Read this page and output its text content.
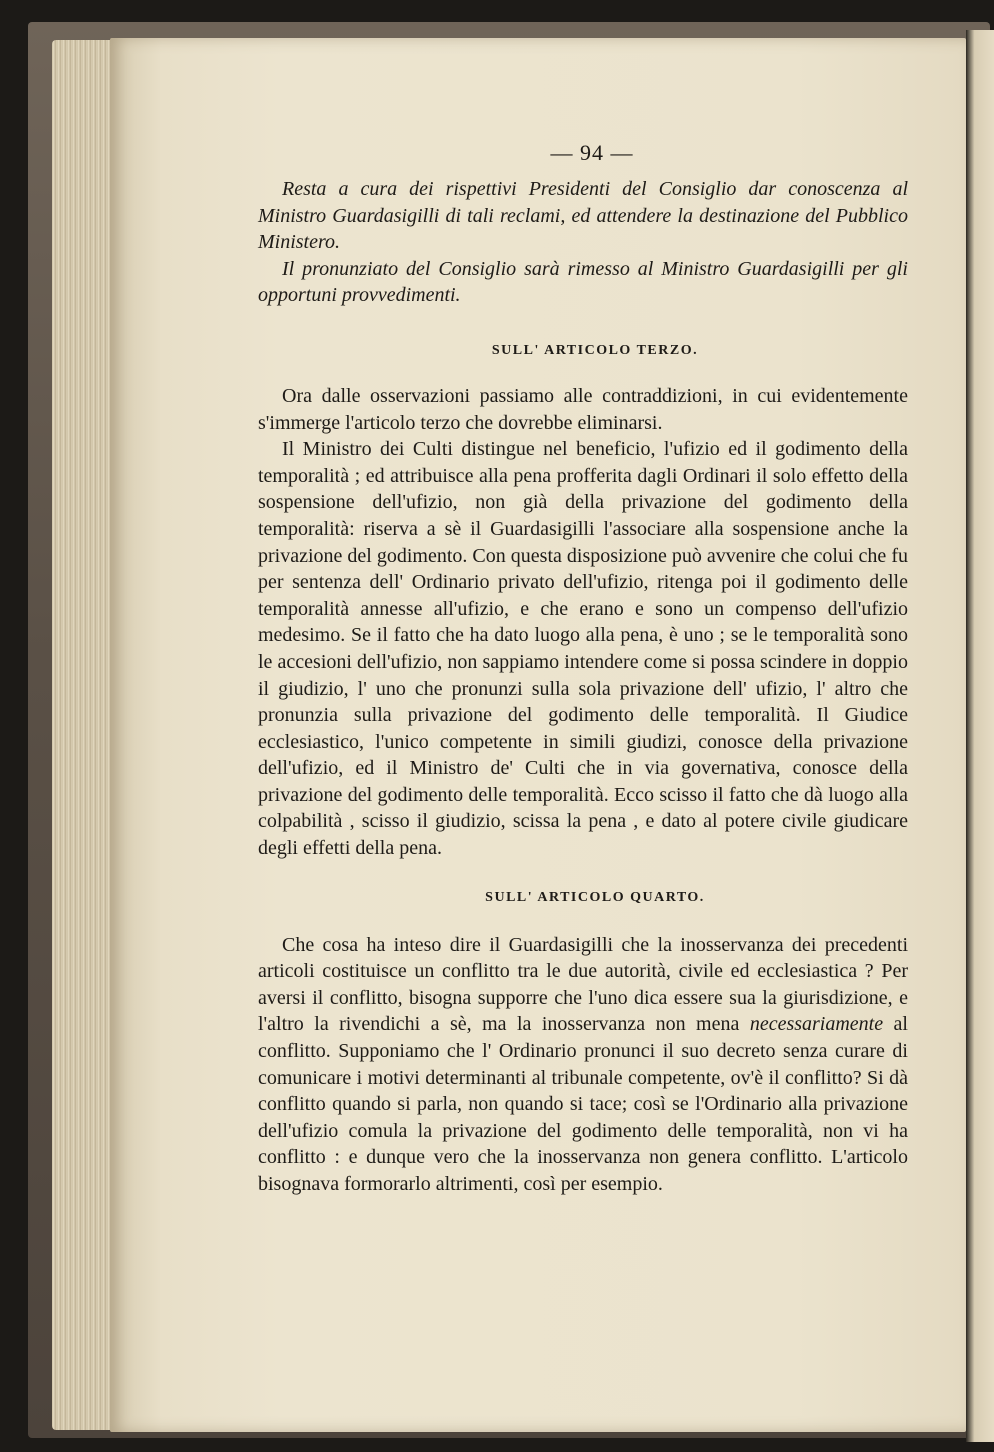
— 94 —

Resta a cura dei rispettivi Presidenti del Consiglio dar conoscenza al Ministro Guardasigilli di tali reclami, ed attendere la destinazione del Pubblico Ministero.

Il pronunziato del Consiglio sarà rimesso al Ministro Guardasigilli per gli opportuni provvedimenti.

SULL' ARTICOLO TERZO.

Ora dalle osservazioni passiamo alle contraddizioni, in cui evidentemente s'immerge l'articolo terzo che dovrebbe eliminarsi.

Il Ministro dei Culti distingue nel beneficio, l'ufizio ed il godimento della temporalità ; ed attribuisce alla pena profferita dagli Ordinari il solo effetto della sospensione dell'ufizio, non già della privazione del godimento della temporalità: riserva a sè il Guardasigilli l'associare alla sospensione anche la privazione del godimento. Con questa disposizione può avvenire che colui che fu per sentenza dell' Ordinario privato dell'ufizio, ritenga poi il godimento delle temporalità annesse all'ufizio, e che erano e sono un compenso dell'ufizio medesimo. Se il fatto che ha dato luogo alla pena, è uno ; se le temporalità sono le accesioni dell'ufizio, non sappiamo intendere come si possa scindere in doppio il giudizio, l' uno che pronunzi sulla sola privazione dell' ufizio, l' altro che pronunzia sulla privazione del godimento delle temporalità. Il Giudice ecclesiastico, l'unico competente in simili giudizi, conosce della privazione dell'ufizio, ed il Ministro de' Culti che in via governativa, conosce della privazione del godimento delle temporalità. Ecco scisso il fatto che dà luogo alla colpabilità , scisso il giudizio, scissa la pena , e dato al potere civile giudicare degli effetti della pena.

SULL' ARTICOLO QUARTO.

Che cosa ha inteso dire il Guardasigilli che la inosservanza dei precedenti articoli costituisce un conflitto tra le due autorità, civile ed ecclesiastica ? Per aversi il conflitto, bisogna supporre che l'uno dica essere sua la giurisdizione, e l'altro la rivendichi a sè, ma la inosservanza non mena necessariamente al conflitto. Supponiamo che l' Ordinario pronunci il suo decreto senza curare di comunicare i motivi determinanti al tribunale competente, ov'è il conflitto? Si dà conflitto quando si parla, non quando si tace; così se l'Ordinario alla privazione dell'ufizio comula la privazione del godimento delle temporalità, non vi ha conflitto : e dunque vero che la inosservanza non genera conflitto. L'articolo bisognava formorarlo altrimenti, così per esempio.
